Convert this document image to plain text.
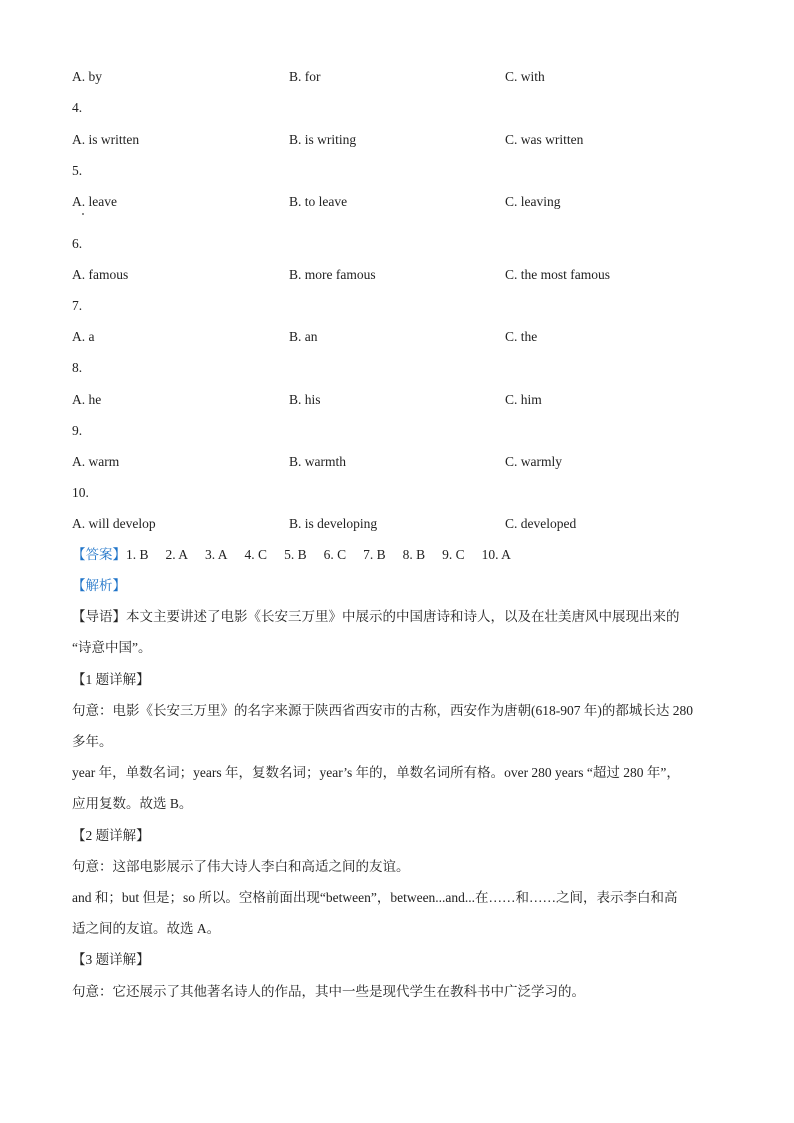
A. by	B. for	C. with
4.
A. is written	B. is writing	C. was written
5.
A. leave	B. to leave	C. leaving
6.
A. famous	B. more famous	C. the most famous
7.
A. a	B. an	C. the
8.
A. he	B. his	C. him
9.
A. warm	B. warmth	C. warmly
10.
A. will develop	B. is developing	C. developed
【答案】1. B 2. A 3. A 4. C 5. B 6. C 7. B 8. B 9. C 10. A
【解析】
【导语】本文主要讲述了电影《长安三万里》中展示的中国唐诗和诗人，以及在壮美唐风中展现出来的
“诗意中国”。
【1 题详解】
句意：电影《长安三万里》的名字来源于陕西省西安市的古称，西安作为唐朝(618-907 年)的都城长达 280
多年。
year 年，单数名词；years 年，复数名词；year’s 年的，单数名词所有格。over 280 years “超过 280 年”，
应用复数。故选 B。
【2 题详解】
句意：这部电影展示了伟大诗人李白和高适之间的友谊。
and 和；but 但是；so 所以。空格前面出现“between”，between...and...在……和……之间，表示李白和高
适之间的友谊。故选 A。
【3 题详解】
句意：它还展示了其他著名诗人的作品，其中一些是现代学生在教科书中广泛学习的。
